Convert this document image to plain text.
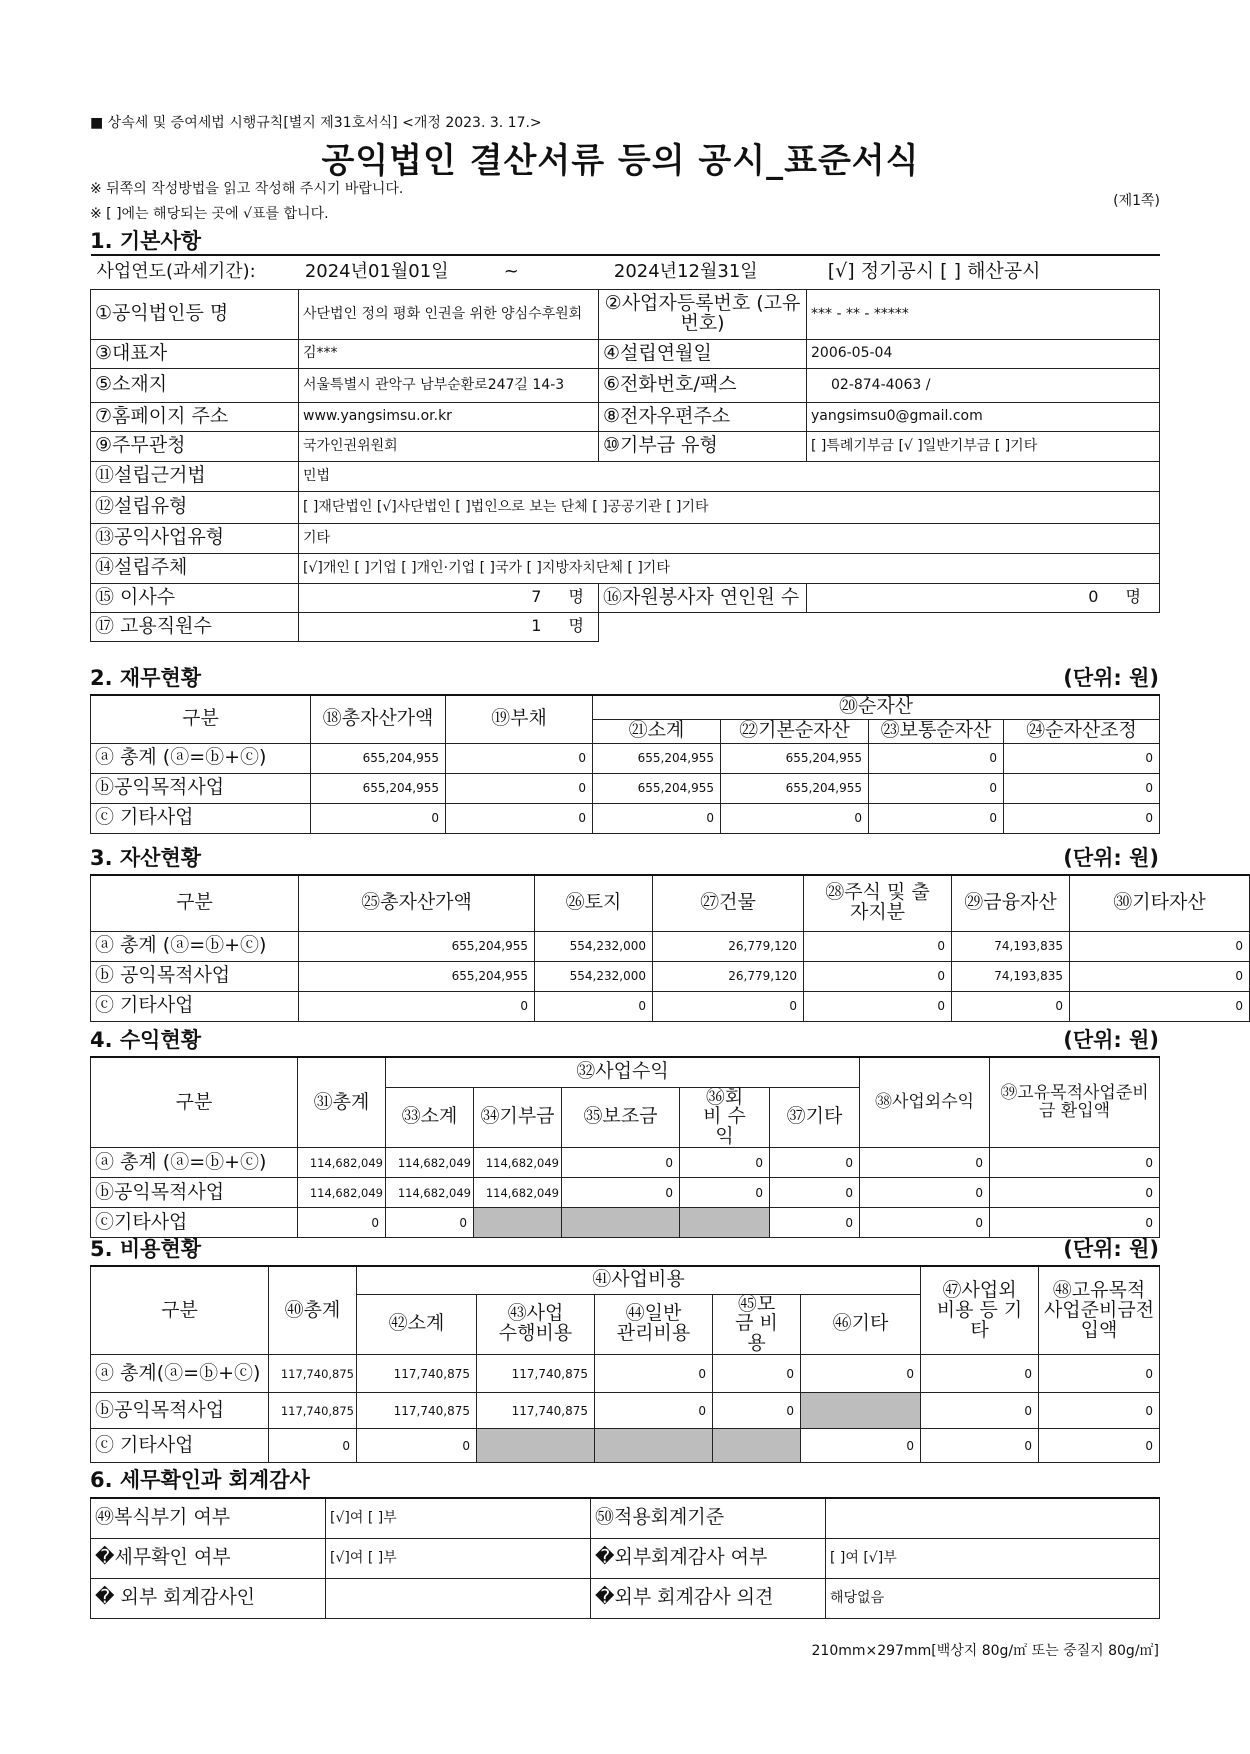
■ 상속세 및 증여세법 시행규칙[별지 제31호서식] <개정 2023. 3. 17.>
공익법인 결산서류 등의 공시_표준서식
※ 뒤쪽의 작성방법을 읽고 작성해 주시기 바랍니다.
※ [ ]에는 해당되는 곳에 √표를 합니다.
(제1쪽)
1. 기본사항
사업연도(과세기간): 2024년01월01일 ~ 2024년12월31일 [√] 정기공시 [ ] 해산공시			
①공익법인등 명	사단법인 정의 평화 인권을 위한 양심수후원회	②사업자등록번호 (고유번호)	*** - ** - *****
③대표자	김***	④설립연월일	2006-05-04
⑤소재지	서울특별시 관악구 남부순환로247길 14-3	⑥전화번호/팩스	02-874-4063 /
⑦홈페이지 주소	www.yangsimsu.or.kr	⑧전자우편주소	yangsimsu0@gmail.com
⑨주무관청	국가인권위원회	⑩기부금 유형	[ ]특례기부금 [√ ]일반기부금 [ ]기타
⑪설립근거법	민법		
⑫설립유형	[ ]재단법인 [√]사단법인 [ ]법인으로 보는 단체 [ ]공공기관 [ ]기타		
⑬공익사업유형	기타		
⑭설립주체	[√]개인 [ ]기업 [ ]개인·기업 [ ]국가 [ ]지방자치단체 [ ]기타		
⑮ 이사수	7 명	⑯자원봉사자 연인원 수	0 명
⑰ 고용직원수	1 명		
2. 재무현황	(단위: 원)
구분	⑱총자산가액	⑲부채	⑳순자산			
			㉑소계	㉒기본순자산	㉓보통순자산	㉔순자산조정
ⓐ 총계 (ⓐ=ⓑ+ⓒ)	655,204,955	0	655,204,955	655,204,955	0	0
ⓑ공익목적사업	655,204,955	0	655,204,955	655,204,955	0	0
ⓒ 기타사업	0	0	0	0	0	0
3. 자산현황	(단위: 원)
구분	㉕총자산가액	㉖토지	㉗건물	㉘주식 및 출자지분	㉙금융자산	㉚기타자산
ⓐ 총계 (ⓐ=ⓑ+ⓒ)	655,204,955	554,232,000	26,779,120	0	74,193,835	0
ⓑ 공익목적사업	655,204,955	554,232,000	26,779,120	0	74,193,835	0
ⓒ 기타사업	0	0	0	0	0	0
4. 수익현황	(단위: 원)
구분	㉛총계	㉜사업수익					㊳사업외수익	㊴고유목적사업준비금 환입액
		㉝소계	㉞기부금	㉟보조금	㊱회비 수익	㊲기타		
ⓐ 총계 (ⓐ=ⓑ+ⓒ)	114,682,049	114,682,049	114,682,049	0	0	0	0	0
ⓑ공익목적사업	114,682,049	114,682,049	114,682,049	0	0	0	0	0
ⓒ기타사업	0	0				0	0	0
5. 비용현황	(단위: 원)
구분	㊵총계	㊶사업비용					㊼사업외 비용 등 기타	㊽고유목적 사업준비금전 입액
		㊷소계	㊸사업 수행비용	㊹일반 관리비용	㊺모금 비용	㊻기타		
ⓐ 총계(ⓐ=ⓑ+ⓒ)	117,740,875	117,740,875	117,740,875	0	0	0	0	0
ⓑ공익목적사업	117,740,875	117,740,875	117,740,875	0	0		0	0
ⓒ 기타사업	0	0				0	0	0
6. 세무확인과 회계감사
㊾복식부기 여부	[√]여 [ ]부	㊿적용회계기준	
�세무확인 여부	[√]여 [ ]부	�외부회계감사 여부	[ ]여 [√]부
� 외부 회계감사인		�외부 회계감사 의견	해당없음
210mm×297mm[백상지 80g/㎡ 또는 중질지 80g/㎡]
